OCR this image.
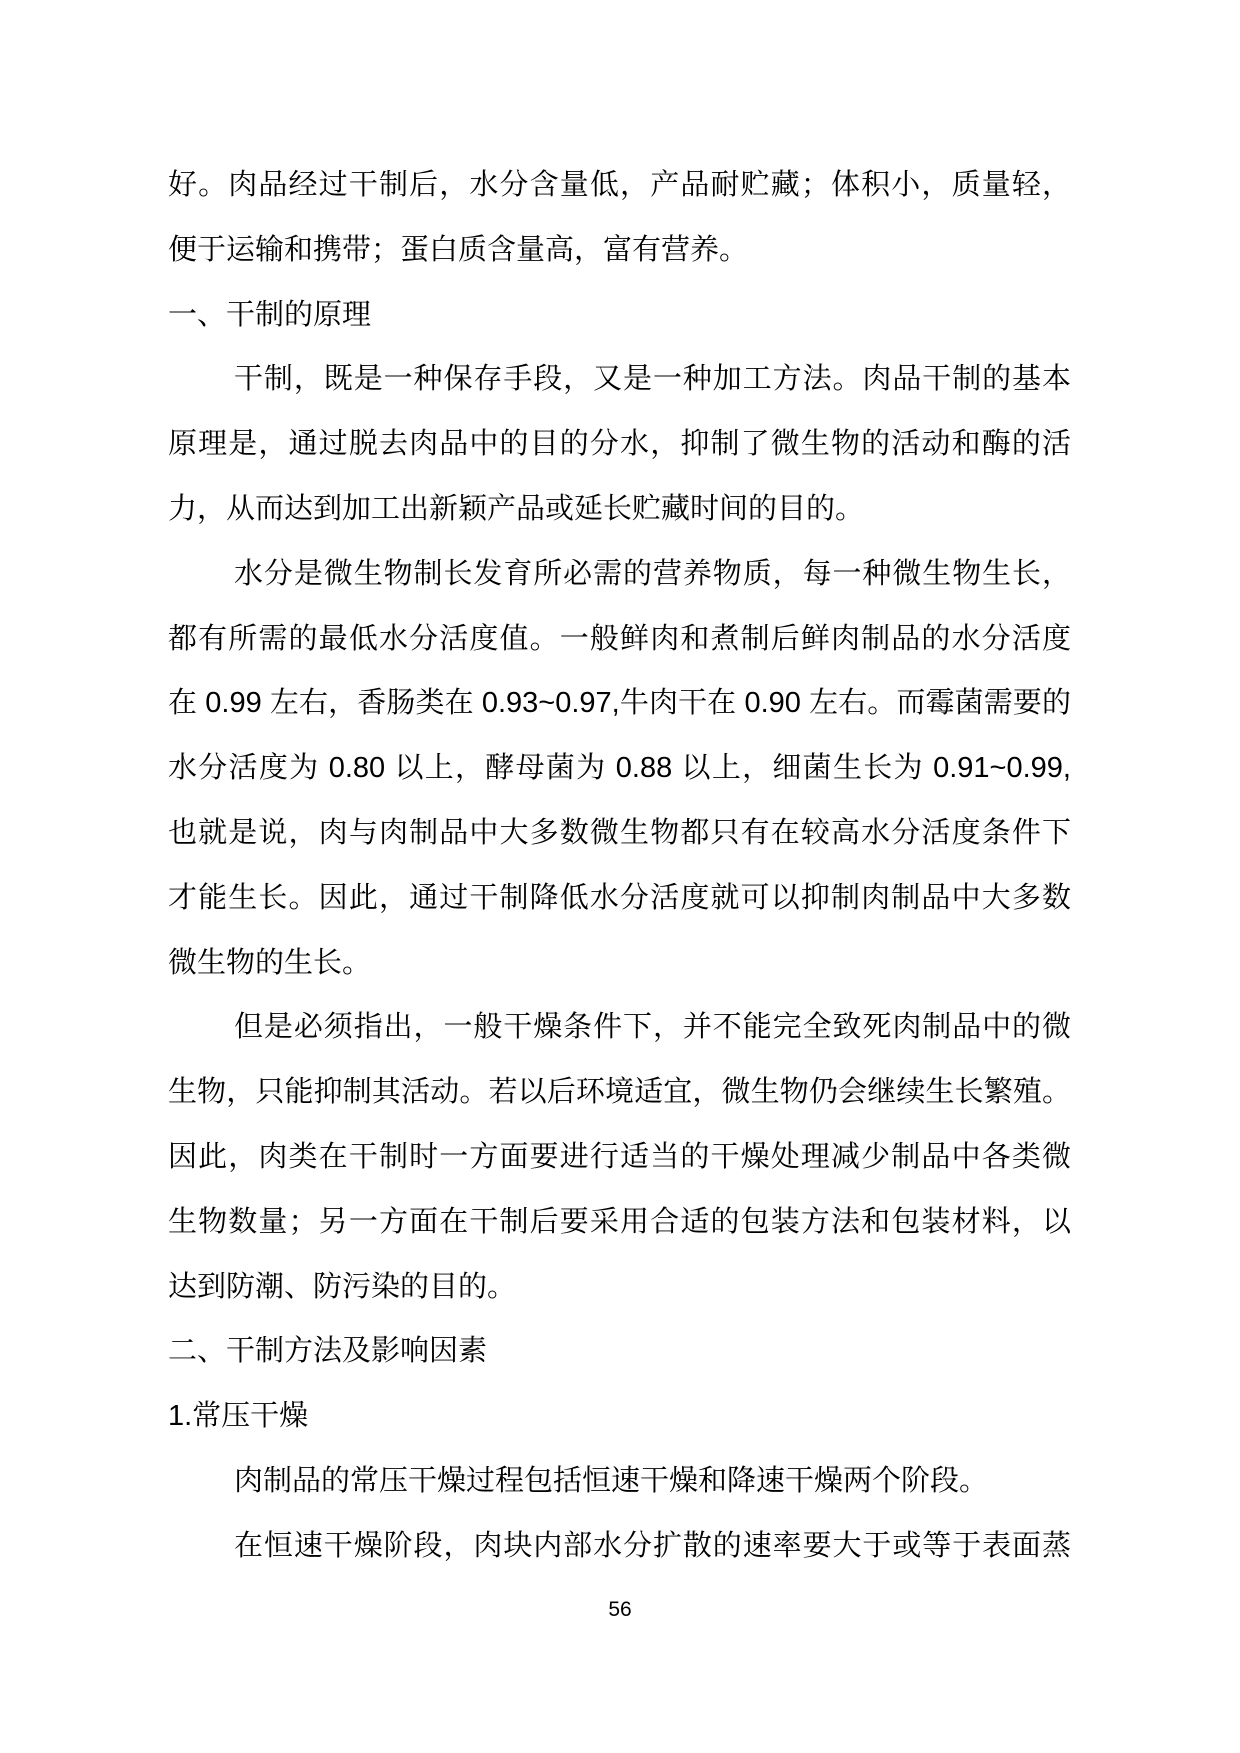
好。肉品经过干制后，水分含量低，产品耐贮藏；体积小，质量轻，
便于运输和携带；蛋白质含量高，富有营养。
一、干制的原理
干制，既是一种保存手段，又是一种加工方法。肉品干制的基本
原理是，通过脱去肉品中的目的分水，抑制了微生物的活动和酶的活
力，从而达到加工出新颖产品或延长贮藏时间的目的。
水分是微生物制长发育所必需的营养物质，每一种微生物生长，
都有所需的最低水分活度值。一般鲜肉和煮制后鲜肉制品的水分活度
在 0.99 左右，香肠类在 0.93~0.97,牛肉干在 0.90 左右。而霉菌需要的
水分活度为 0.80 以上，酵母菌为 0.88 以上，细菌生长为 0.91~0.99,
也就是说，肉与肉制品中大多数微生物都只有在较高水分活度条件下
才能生长。因此，通过干制降低水分活度就可以抑制肉制品中大多数
微生物的生长。
但是必须指出，一般干燥条件下，并不能完全致死肉制品中的微
生物，只能抑制其活动。若以后环境适宜，微生物仍会继续生长繁殖。
因此，肉类在干制时一方面要进行适当的干燥处理减少制品中各类微
生物数量；另一方面在干制后要采用合适的包装方法和包装材料，以
达到防潮、防污染的目的。
二、干制方法及影响因素
1.常压干燥
肉制品的常压干燥过程包括恒速干燥和降速干燥两个阶段。
在恒速干燥阶段，肉块内部水分扩散的速率要大于或等于表面蒸
56
